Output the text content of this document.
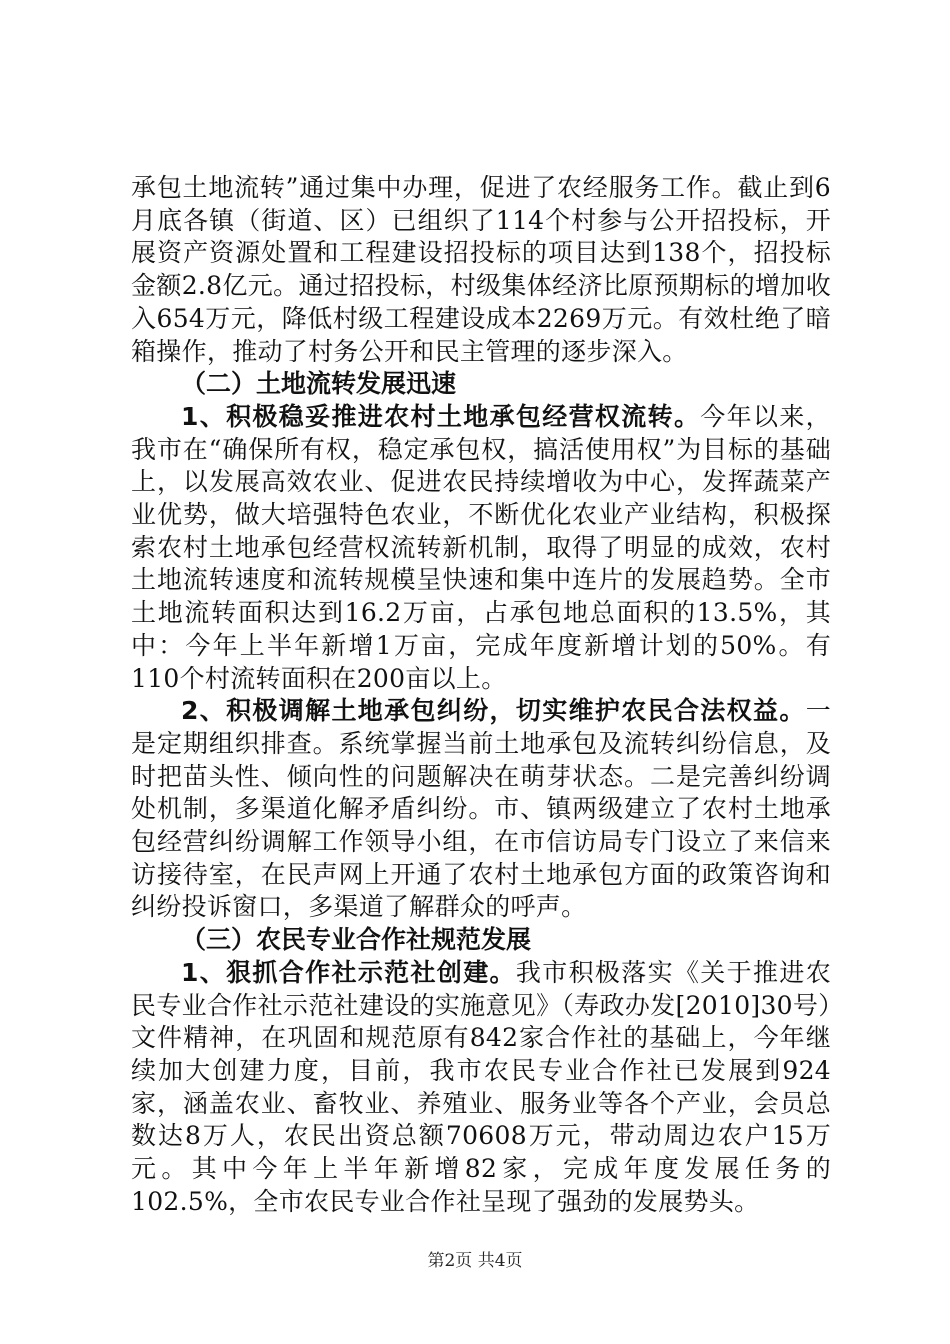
承包土地流转”通过集中办理，促进了农经服务工作。截止到6月底各镇（街道、区）已组织了114个村参与公开招投标，开展资产资源处置和工程建设招投标的项目达到138个，招投标金额2.8亿元。通过招投标，村级集体经济比原预期标的增加收入654万元，降低村级工程建设成本2269万元。有效杜绝了暗箱操作，推动了村务公开和民主管理的逐步深入。

（二）土地流转发展迅速

1、积极稳妥推进农村土地承包经营权流转。今年以来，我市在“确保所有权，稳定承包权，搞活使用权”为目标的基础上，以发展高效农业、促进农民持续增收为中心，发挥蔬菜产业优势，做大培强特色农业，不断优化农业产业结构，积极探索农村土地承包经营权流转新机制，取得了明显的成效，农村土地流转速度和流转规模呈快速和集中连片的发展趋势。全市土地流转面积达到16.2万亩，占承包地总面积的13.5%，其中：今年上半年新增1万亩，完成年度新增计划的50%。有110个村流转面积在200亩以上。

2、积极调解土地承包纠纷，切实维护农民合法权益。一是定期组织排查。系统掌握当前土地承包及流转纠纷信息，及时把苗头性、倾向性的问题解决在萌芽状态。二是完善纠纷调处机制，多渠道化解矛盾纠纷。市、镇两级建立了农村土地承包经营纠纷调解工作领导小组，在市信访局专门设立了来信来访接待室，在民声网上开通了农村土地承包方面的政策咨询和纠纷投诉窗口，多渠道了解群众的呼声。

（三）农民专业合作社规范发展

1、狠抓合作社示范社创建。我市积极落实《关于推进农民专业合作社示范社建设的实施意见》（寿政办发[2010]30号）文件精神，在巩固和规范原有842家合作社的基础上，今年继续加大创建力度，目前，我市农民专业合作社已发展到924家，涵盖农业、畜牧业、养殖业、服务业等各个产业，会员总数达8万人，农民出资总额70608万元，带动周边农户15万元。其中今年上半年新增82家，完成年度发展任务的102.5%，全市农民专业合作社呈现了强劲的发展势头。

第2页 共4页
